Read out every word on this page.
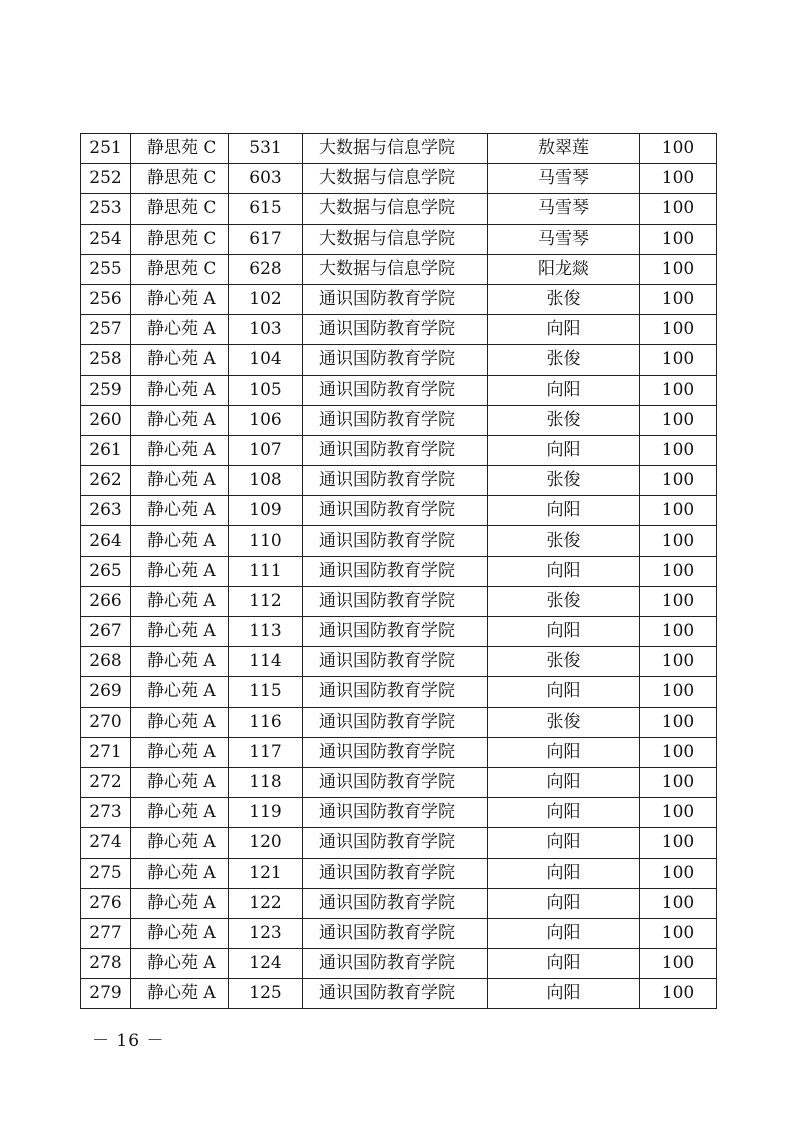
251	静思苑 C	531	大数据与信息学院	敖翠莲	100
252	静思苑 C	603	大数据与信息学院	马雪琴	100
253	静思苑 C	615	大数据与信息学院	马雪琴	100
254	静思苑 C	617	大数据与信息学院	马雪琴	100
255	静思苑 C	628	大数据与信息学院	阳龙燚	100
256	静心苑 A	102	通识国防教育学院	张俊	100
257	静心苑 A	103	通识国防教育学院	向阳	100
258	静心苑 A	104	通识国防教育学院	张俊	100
259	静心苑 A	105	通识国防教育学院	向阳	100
260	静心苑 A	106	通识国防教育学院	张俊	100
261	静心苑 A	107	通识国防教育学院	向阳	100
262	静心苑 A	108	通识国防教育学院	张俊	100
263	静心苑 A	109	通识国防教育学院	向阳	100
264	静心苑 A	110	通识国防教育学院	张俊	100
265	静心苑 A	111	通识国防教育学院	向阳	100
266	静心苑 A	112	通识国防教育学院	张俊	100
267	静心苑 A	113	通识国防教育学院	向阳	100
268	静心苑 A	114	通识国防教育学院	张俊	100
269	静心苑 A	115	通识国防教育学院	向阳	100
270	静心苑 A	116	通识国防教育学院	张俊	100
271	静心苑 A	117	通识国防教育学院	向阳	100
272	静心苑 A	118	通识国防教育学院	向阳	100
273	静心苑 A	119	通识国防教育学院	向阳	100
274	静心苑 A	120	通识国防教育学院	向阳	100
275	静心苑 A	121	通识国防教育学院	向阳	100
276	静心苑 A	122	通识国防教育学院	向阳	100
277	静心苑 A	123	通识国防教育学院	向阳	100
278	静心苑 A	124	通识国防教育学院	向阳	100
279	静心苑 A	125	通识国防教育学院	向阳	100
－ 16 －
